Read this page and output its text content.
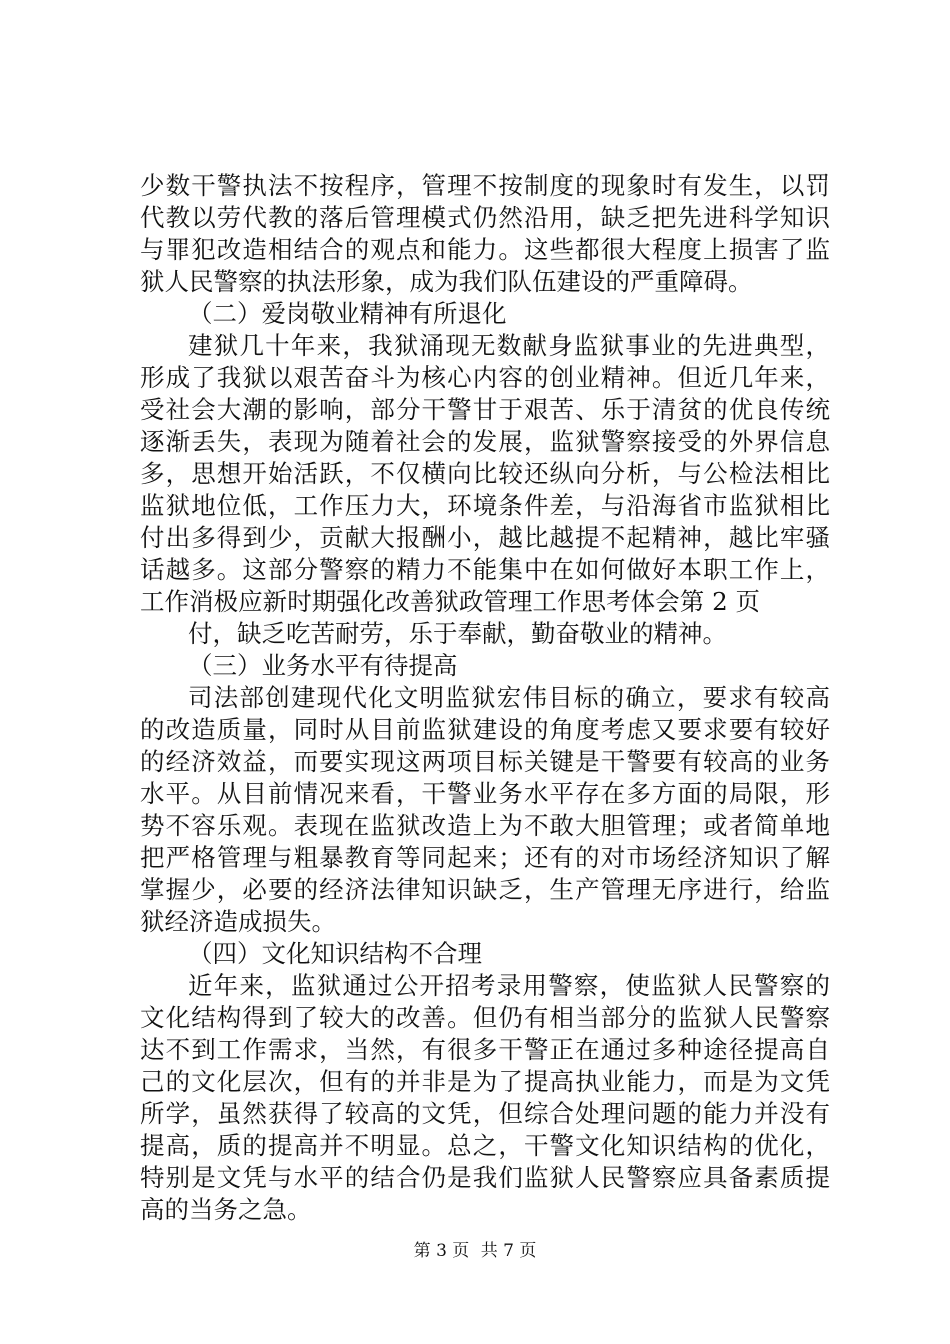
少数干警执法不按程序，管理不按制度的现象时有发生，以罚
代教以劳代教的落后管理模式仍然沿用，缺乏把先进科学知识
与罪犯改造相结合的观点和能力。这些都很大程度上损害了监
狱人民警察的执法形象，成为我们队伍建设的严重障碍。
（二）爱岗敬业精神有所退化
建狱几十年来，我狱涌现无数献身监狱事业的先进典型，
形成了我狱以艰苦奋斗为核心内容的创业精神。但近几年来，
受社会大潮的影响，部分干警甘于艰苦、乐于清贫的优良传统
逐渐丢失，表现为随着社会的发展，监狱警察接受的外界信息
多，思想开始活跃，不仅横向比较还纵向分析，与公检法相比
监狱地位低，工作压力大，环境条件差，与沿海省市监狱相比
付出多得到少，贡献大报酬小，越比越提不起精神，越比牢骚
话越多。这部分警察的精力不能集中在如何做好本职工作上，
工作消极应新时期强化改善狱政管理工作思考体会第 2 页
付，缺乏吃苦耐劳，乐于奉献，勤奋敬业的精神。
（三）业务水平有待提高
司法部创建现代化文明监狱宏伟目标的确立，要求有较高
的改造质量，同时从目前监狱建设的角度考虑又要求要有较好
的经济效益，而要实现这两项目标关键是干警要有较高的业务
水平。从目前情况来看，干警业务水平存在多方面的局限，形
势不容乐观。表现在监狱改造上为不敢大胆管理；或者简单地
把严格管理与粗暴教育等同起来；还有的对市场经济知识了解
掌握少，必要的经济法律知识缺乏，生产管理无序进行，给监
狱经济造成损失。
（四）文化知识结构不合理
近年来，监狱通过公开招考录用警察，使监狱人民警察的
文化结构得到了较大的改善。但仍有相当部分的监狱人民警察
达不到工作需求，当然，有很多干警正在通过多种途径提高自
己的文化层次，但有的并非是为了提高执业能力，而是为文凭
所学，虽然获得了较高的文凭，但综合处理问题的能力并没有
提高，质的提高并不明显。总之，干警文化知识结构的优化，
特别是文凭与水平的结合仍是我们监狱人民警察应具备素质提
高的当务之急。
第 3 页 共 7 页
